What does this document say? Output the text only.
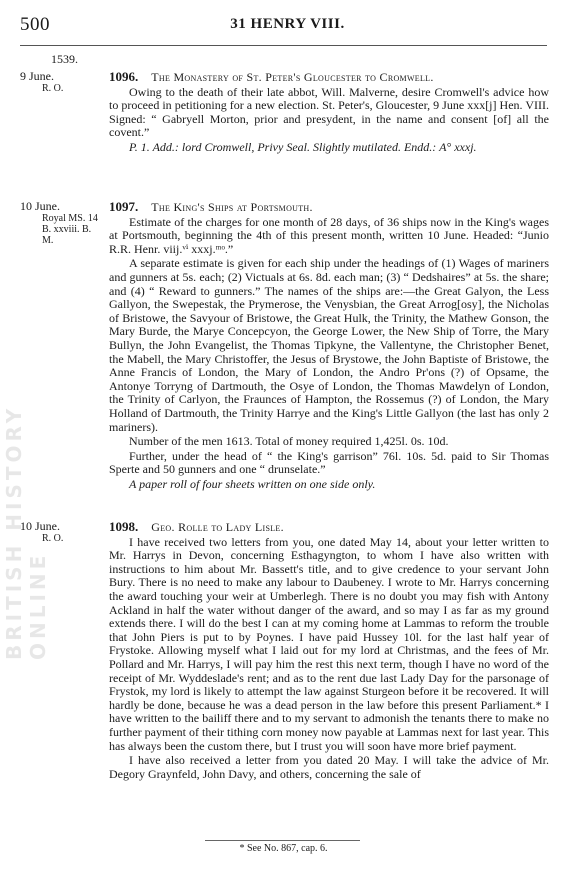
500	31 HENRY VIII.
1539.
BRITISH HISTORY ONLINE
9 June.
R. O.
1096. The Monastery of St. Peter's Gloucester to Cromwell.
Owing to the death of their late abbot, Will. Malverne, desire Cromwell's advice how to proceed in petitioning for a new election. St. Peter's, Gloucester, 9 June xxx[j] Hen. VIII. Signed: “ Gabryell Morton, prior and presydent, in the name and consent [of] all the covent.”
P. 1. Add.: lord Cromwell, Privy Seal. Slightly mutilated. Endd.: A° xxxj.
10 June.
Royal MS. 14 B. xxviii. B. M.
1097. The King's Ships at Portsmouth.
Estimate of the charges for one month of 28 days, of 36 ships now in the King's wages at Portsmouth, beginning the 4th of this present month, written 10 June. Headed: “Junio R.R. Henr. viij.ᵛⁱ xxxj.ᵐᵒ.”
A separate estimate is given for each ship under the headings of (1) Wages of mariners and gunners at 5s. each; (2) Victuals at 6s. 8d. each man; (3) “ Dedshaires” at 5s. the share; and (4) “ Reward to gunners.” The names of the ships are:—the Great Galyon, the Less Gallyon, the Swepestak, the Prymerose, the Venysbian, the Great Arrog[osy], the Nicholas of Bristowe, the Savyour of Bristowe, the Great Hulk, the Trinity, the Mathew Gonson, the Mary Burde, the Marye Concepcyon, the George Lower, the New Ship of Torre, the Mary Bullyn, the John Evangelist, the Thomas Tipkyne, the Vallentyne, the Christopher Benet, the Mabell, the Mary Christoffer, the Jesus of Brystowe, the John Baptiste of Bristowe, the Anne Francis of London, the Mary of London, the Andro Pr'ons (?) of Opsame, the Antonye Torryng of Dartmouth, the Osye of London, the Thomas Mawdelyn of London, the Trinity of Carlyon, the Fraunces of Hampton, the Rossemus (?) of London, the Mary Holland of Dartmouth, the Trinity Harrye and the King's Little Gallyon (the last has only 2 mariners).
Number of the men 1613. Total of money required 1,425l. 0s. 10d.
Further, under the head of “ the King's garrison” 76l. 10s. 5d. paid to Sir Thomas Sperte and 50 gunners and one “ drunselate.”
A paper roll of four sheets written on one side only.
10 June.
R. O.
1098. Geo. Rolle to Lady Lisle.
I have received two letters from you, one dated May 14, about your letter written to Mr. Harrys in Devon, concerning Esthagyngton, to whom I have also written with instructions to him about Mr. Bassett's title, and to give credence to your servant John Bury. There is no need to make any labour to Daubeney. I wrote to Mr. Harrys concerning the award touching your weir at Umberlegh. There is no doubt you may fish with Antony Ackland in half the water without danger of the award, and so may I as far as my ground extends there. I will do the best I can at my coming home at Lammas to reform the trouble that John Piers is put to by Poynes. I have paid Hussey 10l. for the last half year of Frystoke. Allowing myself what I laid out for my lord at Christmas, and the fees of Mr. Pollard and Mr. Harrys, I will pay him the rest this next term, though I have no word of the receipt of Mr. Wyddeslade's rent; and as to the rent due last Lady Day for the parsonage of Frystok, my lord is likely to attempt the law against Sturgeon before it be recovered. It will hardly be done, because he was a dead person in the law before this present Parliament.* I have written to the bailiff there and to my servant to admonish the tenants there to make no further payment of their tithing corn money now payable at Lammas next for last year. This has always been the custom there, but I trust you will soon have more brief payment.
I have also received a letter from you dated 20 May. I will take the advice of Mr. Degory Graynfeld, John Davy, and others, concerning the sale of
* See No. 867, cap. 6.
